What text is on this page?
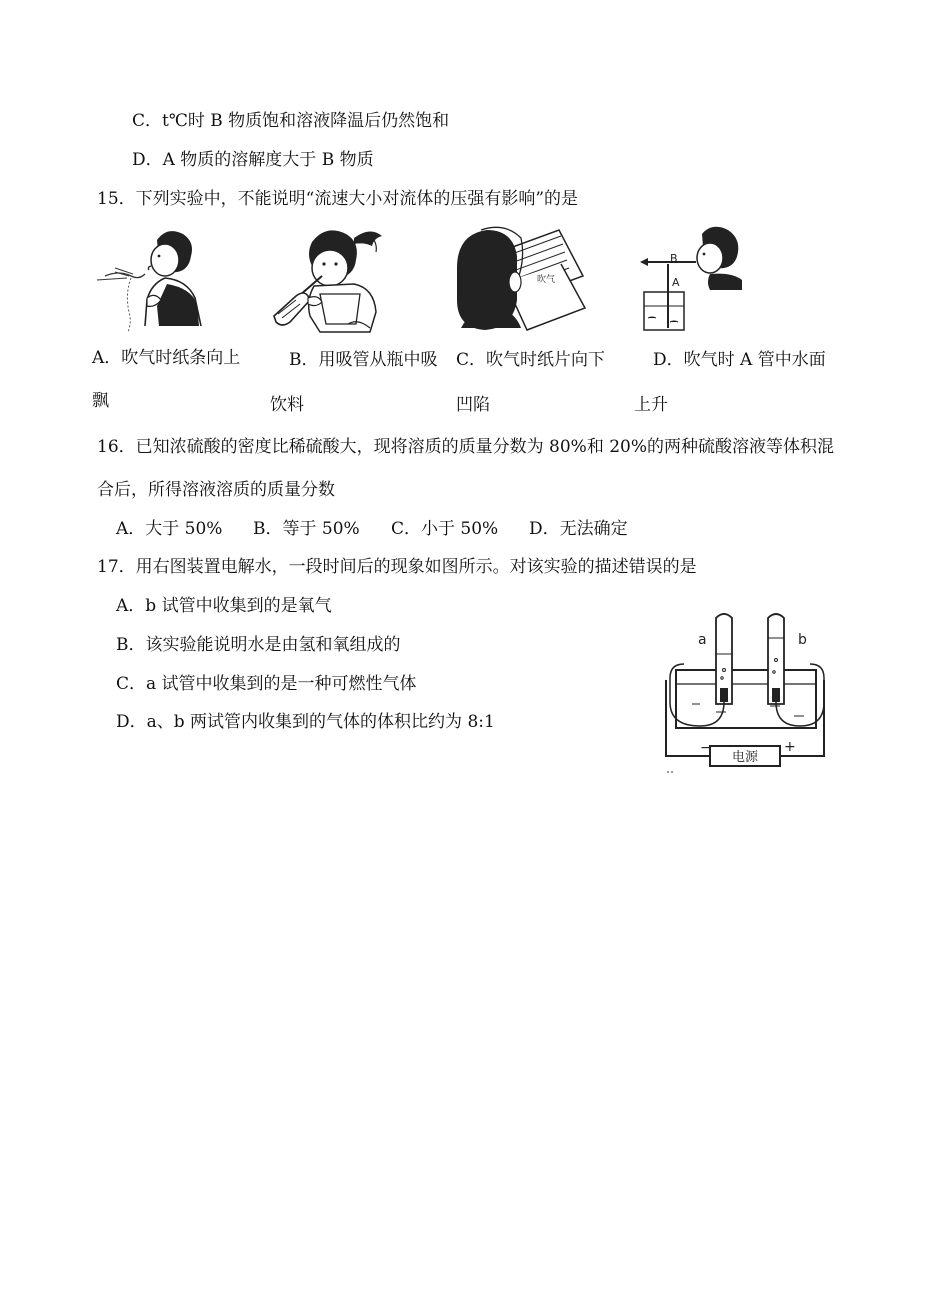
C．t℃时 B 物质饱和溶液降温后仍然饱和
D．A 物质的溶解度大于 B 物质
15．下列实验中，不能说明“流速大小对流体的压强有影响”的是
吹气
B
A
A．吹气时纸条向上
飘
B．用吸管从瓶中吸
饮料
C．吹气时纸片向下
凹陷
D．吹气时 A 管中水面
上升
16．已知浓硫酸的密度比稀硫酸大，现将溶质的质量分数为 80%和 20%的两种硫酸溶液等体积混
合后，所得溶液溶质的质量分数
A．大于 50% B．等于 50% C．小于 50% D．无法确定
17．用右图装置电解水，一段时间后的现象如图所示。对该实验的描述错误的是
A．b 试管中收集到的是氧气
B．该实验能说明水是由氢和氧组成的
C．a 试管中收集到的是一种可燃性气体
D．a、b 两试管内收集到的气体的体积比约为 8:1
电源
−	+
a	b
